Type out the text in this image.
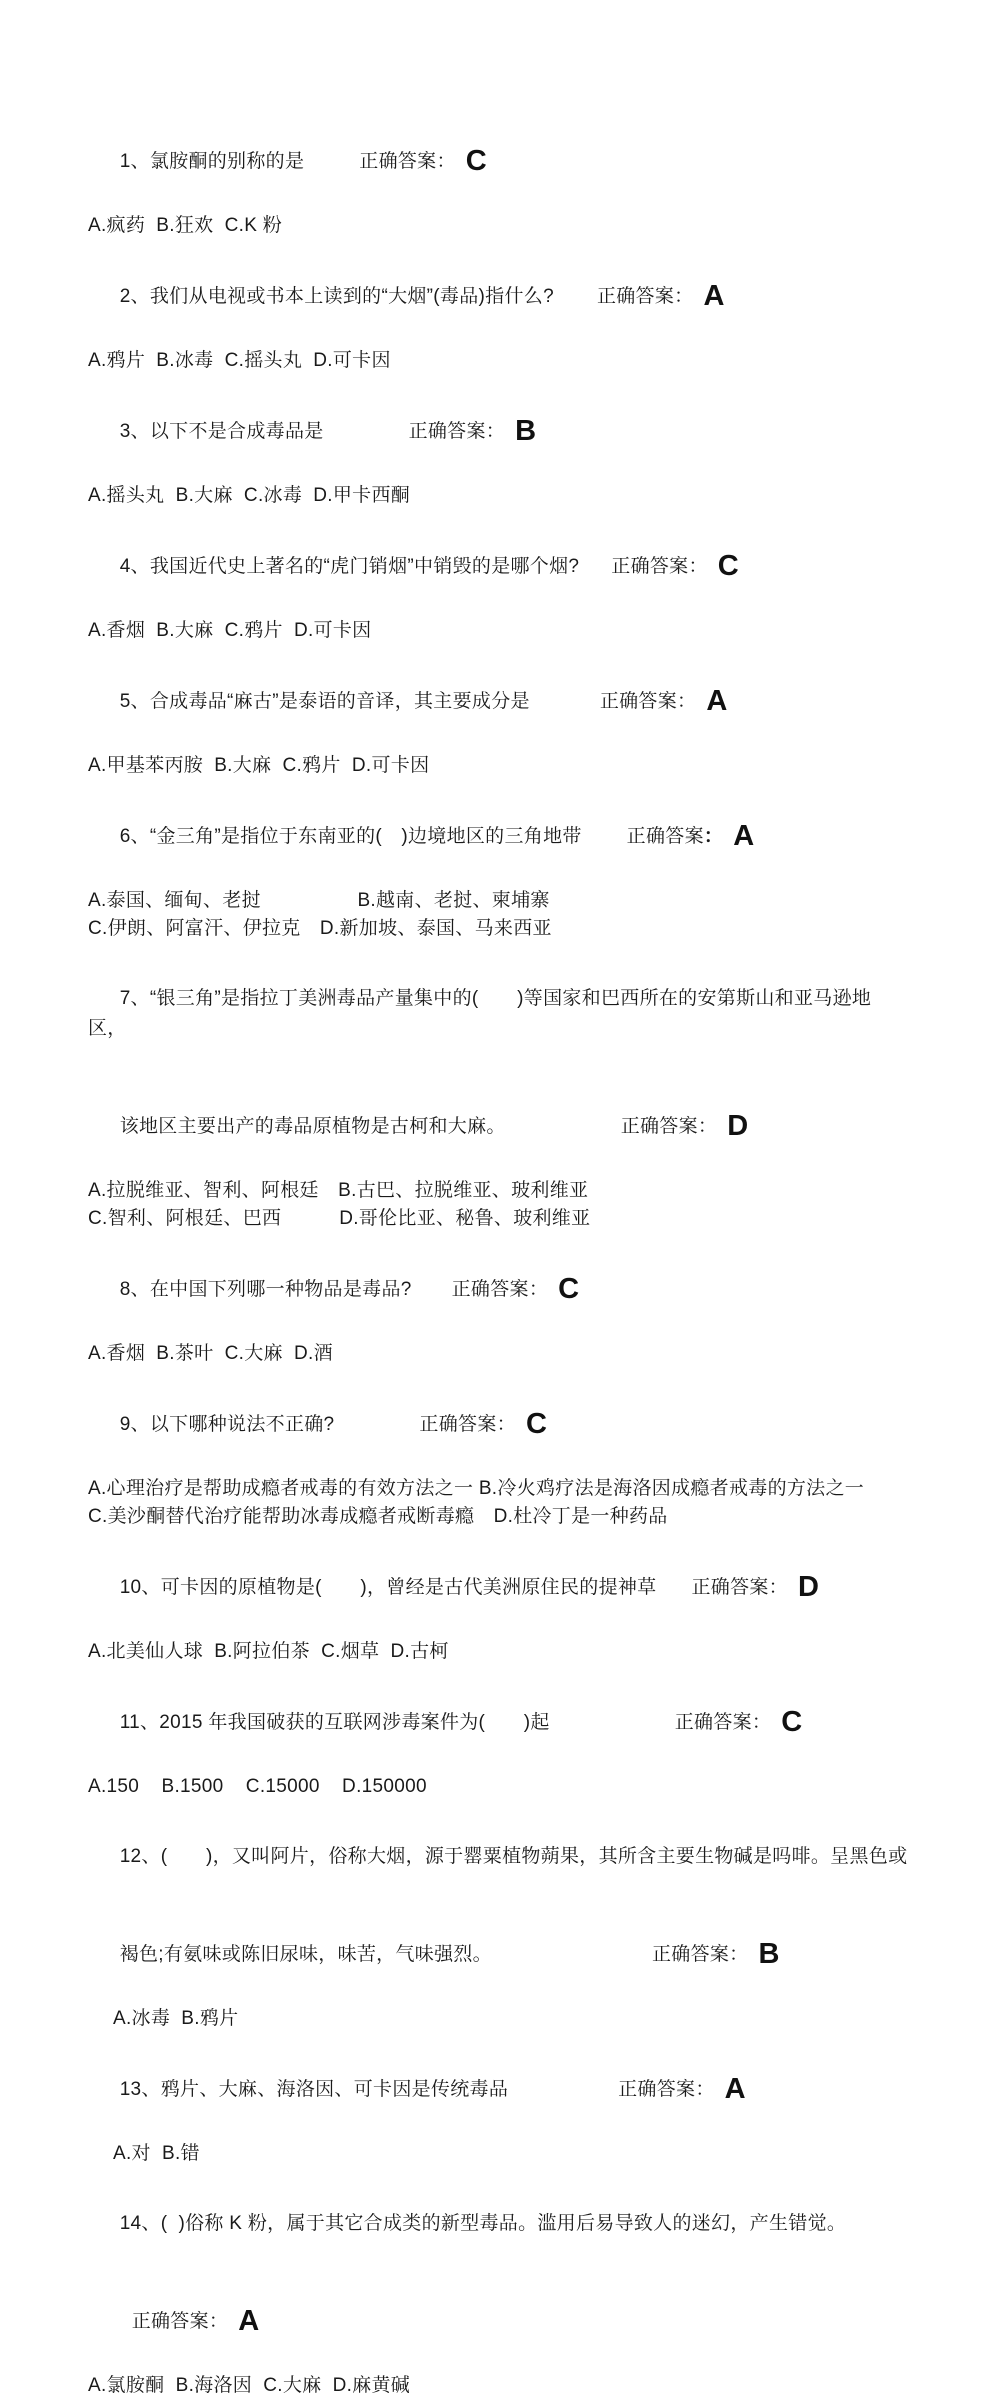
1、氯胺酮的别称的是	正确答案： C

A.疯药  B.狂欢  C.K 粉

2、我们从电视或书本上读到的“大烟”(毒品)指什么? 正确答案： A

A.鸦片  B.冰毒  C.摇头丸  D.可卡因

3、以下不是合成毒品是	正确答案： B

A.摇头丸  B.大麻  C.冰毒  D.甲卡西酮

4、我国近代史上著名的“虎门销烟”中销毁的是哪个烟? 正确答案： C

A.香烟  B.大麻  C.鸦片  D.可卡因

5、合成毒品“麻古”是泰语的音译，其主要成分是	正确答案： A

A.甲基苯丙胺  B.大麻  C.鸦片  D.可卡因

6、“金三角”是指位于东南亚的(　)边境地区的三角地带 正确答案： A

A.泰国、缅甸、老挝　　　　　B.越南、老挝、柬埔寨
C.伊朗、阿富汗、伊拉克　D.新加坡、泰国、马来西亚

7、“银三角”是指拉丁美洲毒品产量集中的(　　)等国家和巴西所在的安第斯山和亚马逊地区，

该地区主要出产的毒品原植物是古柯和大麻。	正确答案： D

A.拉脱维亚、智利、阿根廷　B.古巴、拉脱维亚、玻利维亚
C.智利、阿根廷、巴西　　　D.哥伦比亚、秘鲁、玻利维亚

8、在中国下列哪一种物品是毒品? 正确答案： C

A.香烟  B.茶叶  C.大麻  D.酒

9、以下哪种说法不正确?	正确答案： C

A.心理治疗是帮助成瘾者戒毒的有效方法之一 B.冷火鸡疗法是海洛因成瘾者戒毒的方法之一
C.美沙酮替代治疗能帮助冰毒成瘾者戒断毒瘾　D.杜冷丁是一种药品

10、可卡因的原植物是(　　)，曾经是古代美洲原住民的提神草 正确答案： D

A.北美仙人球  B.阿拉伯茶  C.烟草  D.古柯

11、2015 年我国破获的互联网涉毒案件为(　　)起	正确答案： C

A.150    B.1500    C.15000    D.150000

12、(　　)，又叫阿片，俗称大烟，源于罂粟植物蒴果，其所含主要生物碱是吗啡。呈黑色或

褐色;有氨味或陈旧尿味，味苦，气味强烈。	正确答案： B

A.冰毒  B.鸦片

13、鸦片、大麻、海洛因、可卡因是传统毒品	正确答案： A

A.对  B.错

14、(  )俗称 K 粉，属于其它合成类的新型毒品。滥用后易导致人的迷幻，产生错觉。

正确答案： A

A.氯胺酮  B.海洛因  C.大麻  D.麻黄碱
